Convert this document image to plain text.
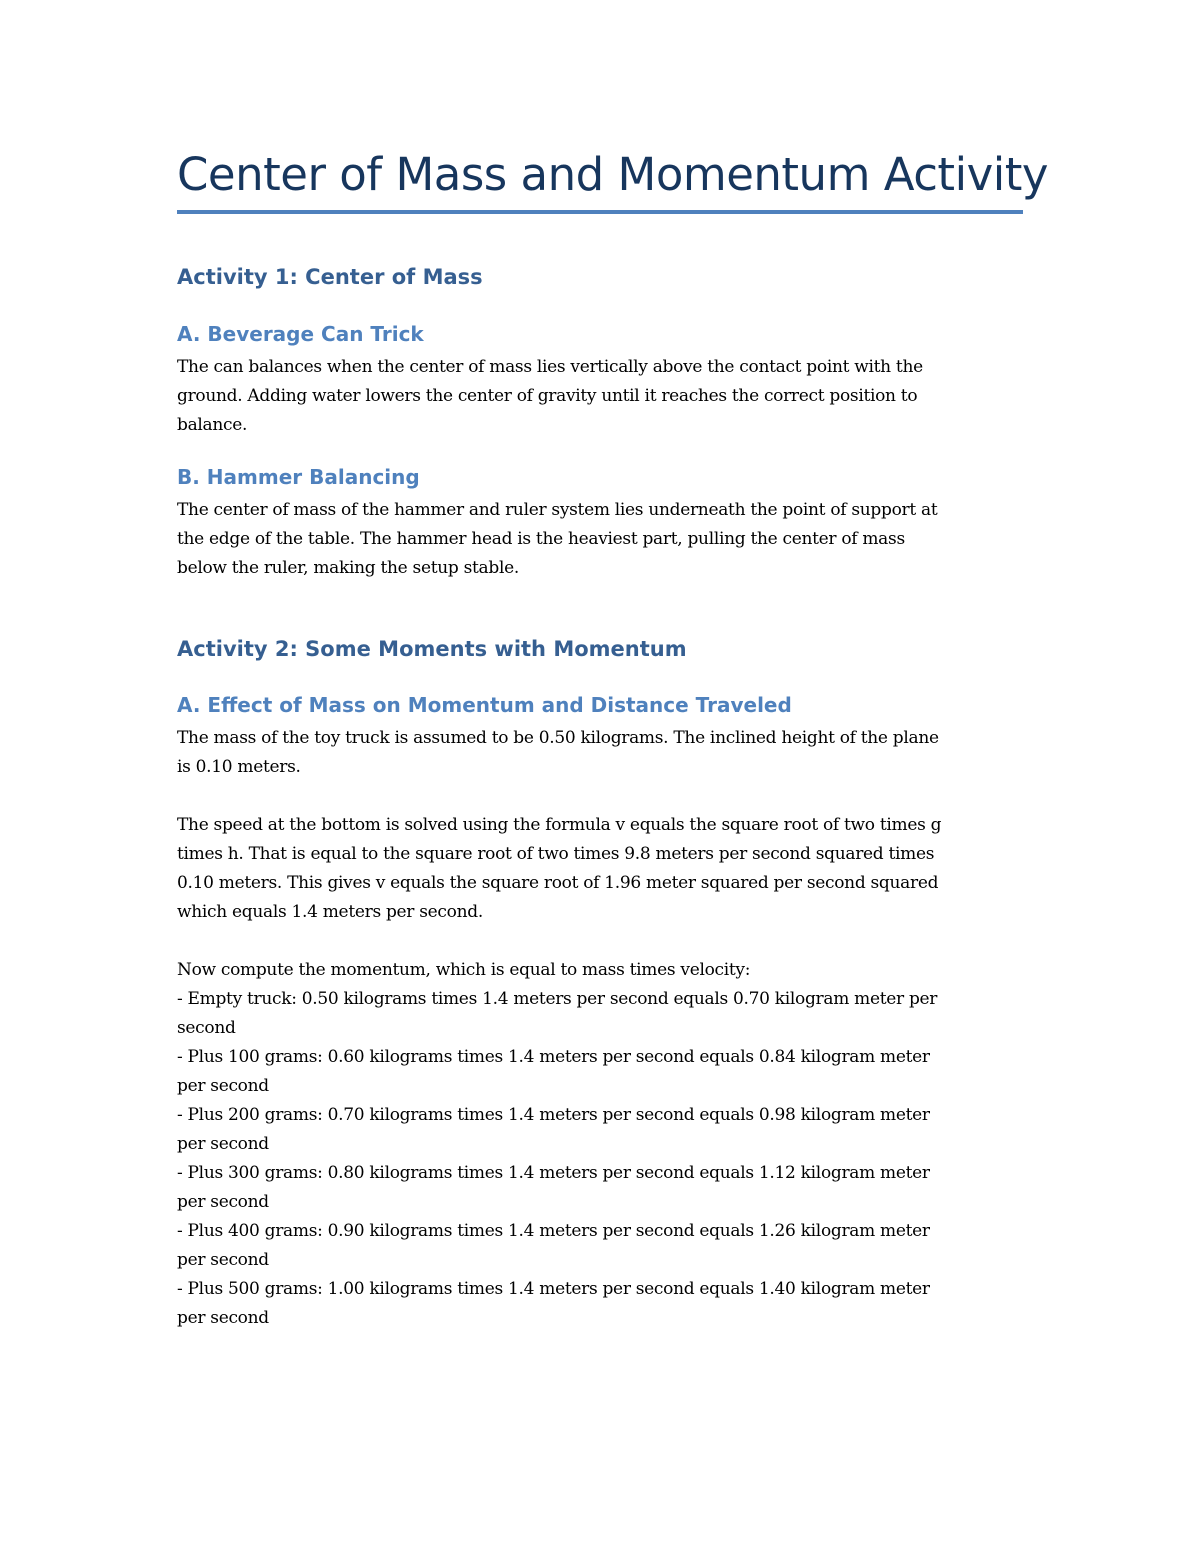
Center of Mass and Momentum Activity
Activity 1: Center of Mass
A. Beverage Can Trick
The can balances when the center of mass lies vertically above the contact point with the
ground. Adding water lowers the center of gravity until it reaches the correct position to
balance.
B. Hammer Balancing
The center of mass of the hammer and ruler system lies underneath the point of support at
the edge of the table. The hammer head is the heaviest part, pulling the center of mass
below the ruler, making the setup stable.
Activity 2: Some Moments with Momentum
A. Effect of Mass on Momentum and Distance Traveled
The mass of the toy truck is assumed to be 0.50 kilograms. The inclined height of the plane
is 0.10 meters.
The speed at the bottom is solved using the formula v equals the square root of two times g
times h. That is equal to the square root of two times 9.8 meters per second squared times
0.10 meters. This gives v equals the square root of 1.96 meter squared per second squared
which equals 1.4 meters per second.
Now compute the momentum, which is equal to mass times velocity:
- Empty truck: 0.50 kilograms times 1.4 meters per second equals 0.70 kilogram meter per
second
- Plus 100 grams: 0.60 kilograms times 1.4 meters per second equals 0.84 kilogram meter
per second
- Plus 200 grams: 0.70 kilograms times 1.4 meters per second equals 0.98 kilogram meter
per second
- Plus 300 grams: 0.80 kilograms times 1.4 meters per second equals 1.12 kilogram meter
per second
- Plus 400 grams: 0.90 kilograms times 1.4 meters per second equals 1.26 kilogram meter
per second
- Plus 500 grams: 1.00 kilograms times 1.4 meters per second equals 1.40 kilogram meter
per second
